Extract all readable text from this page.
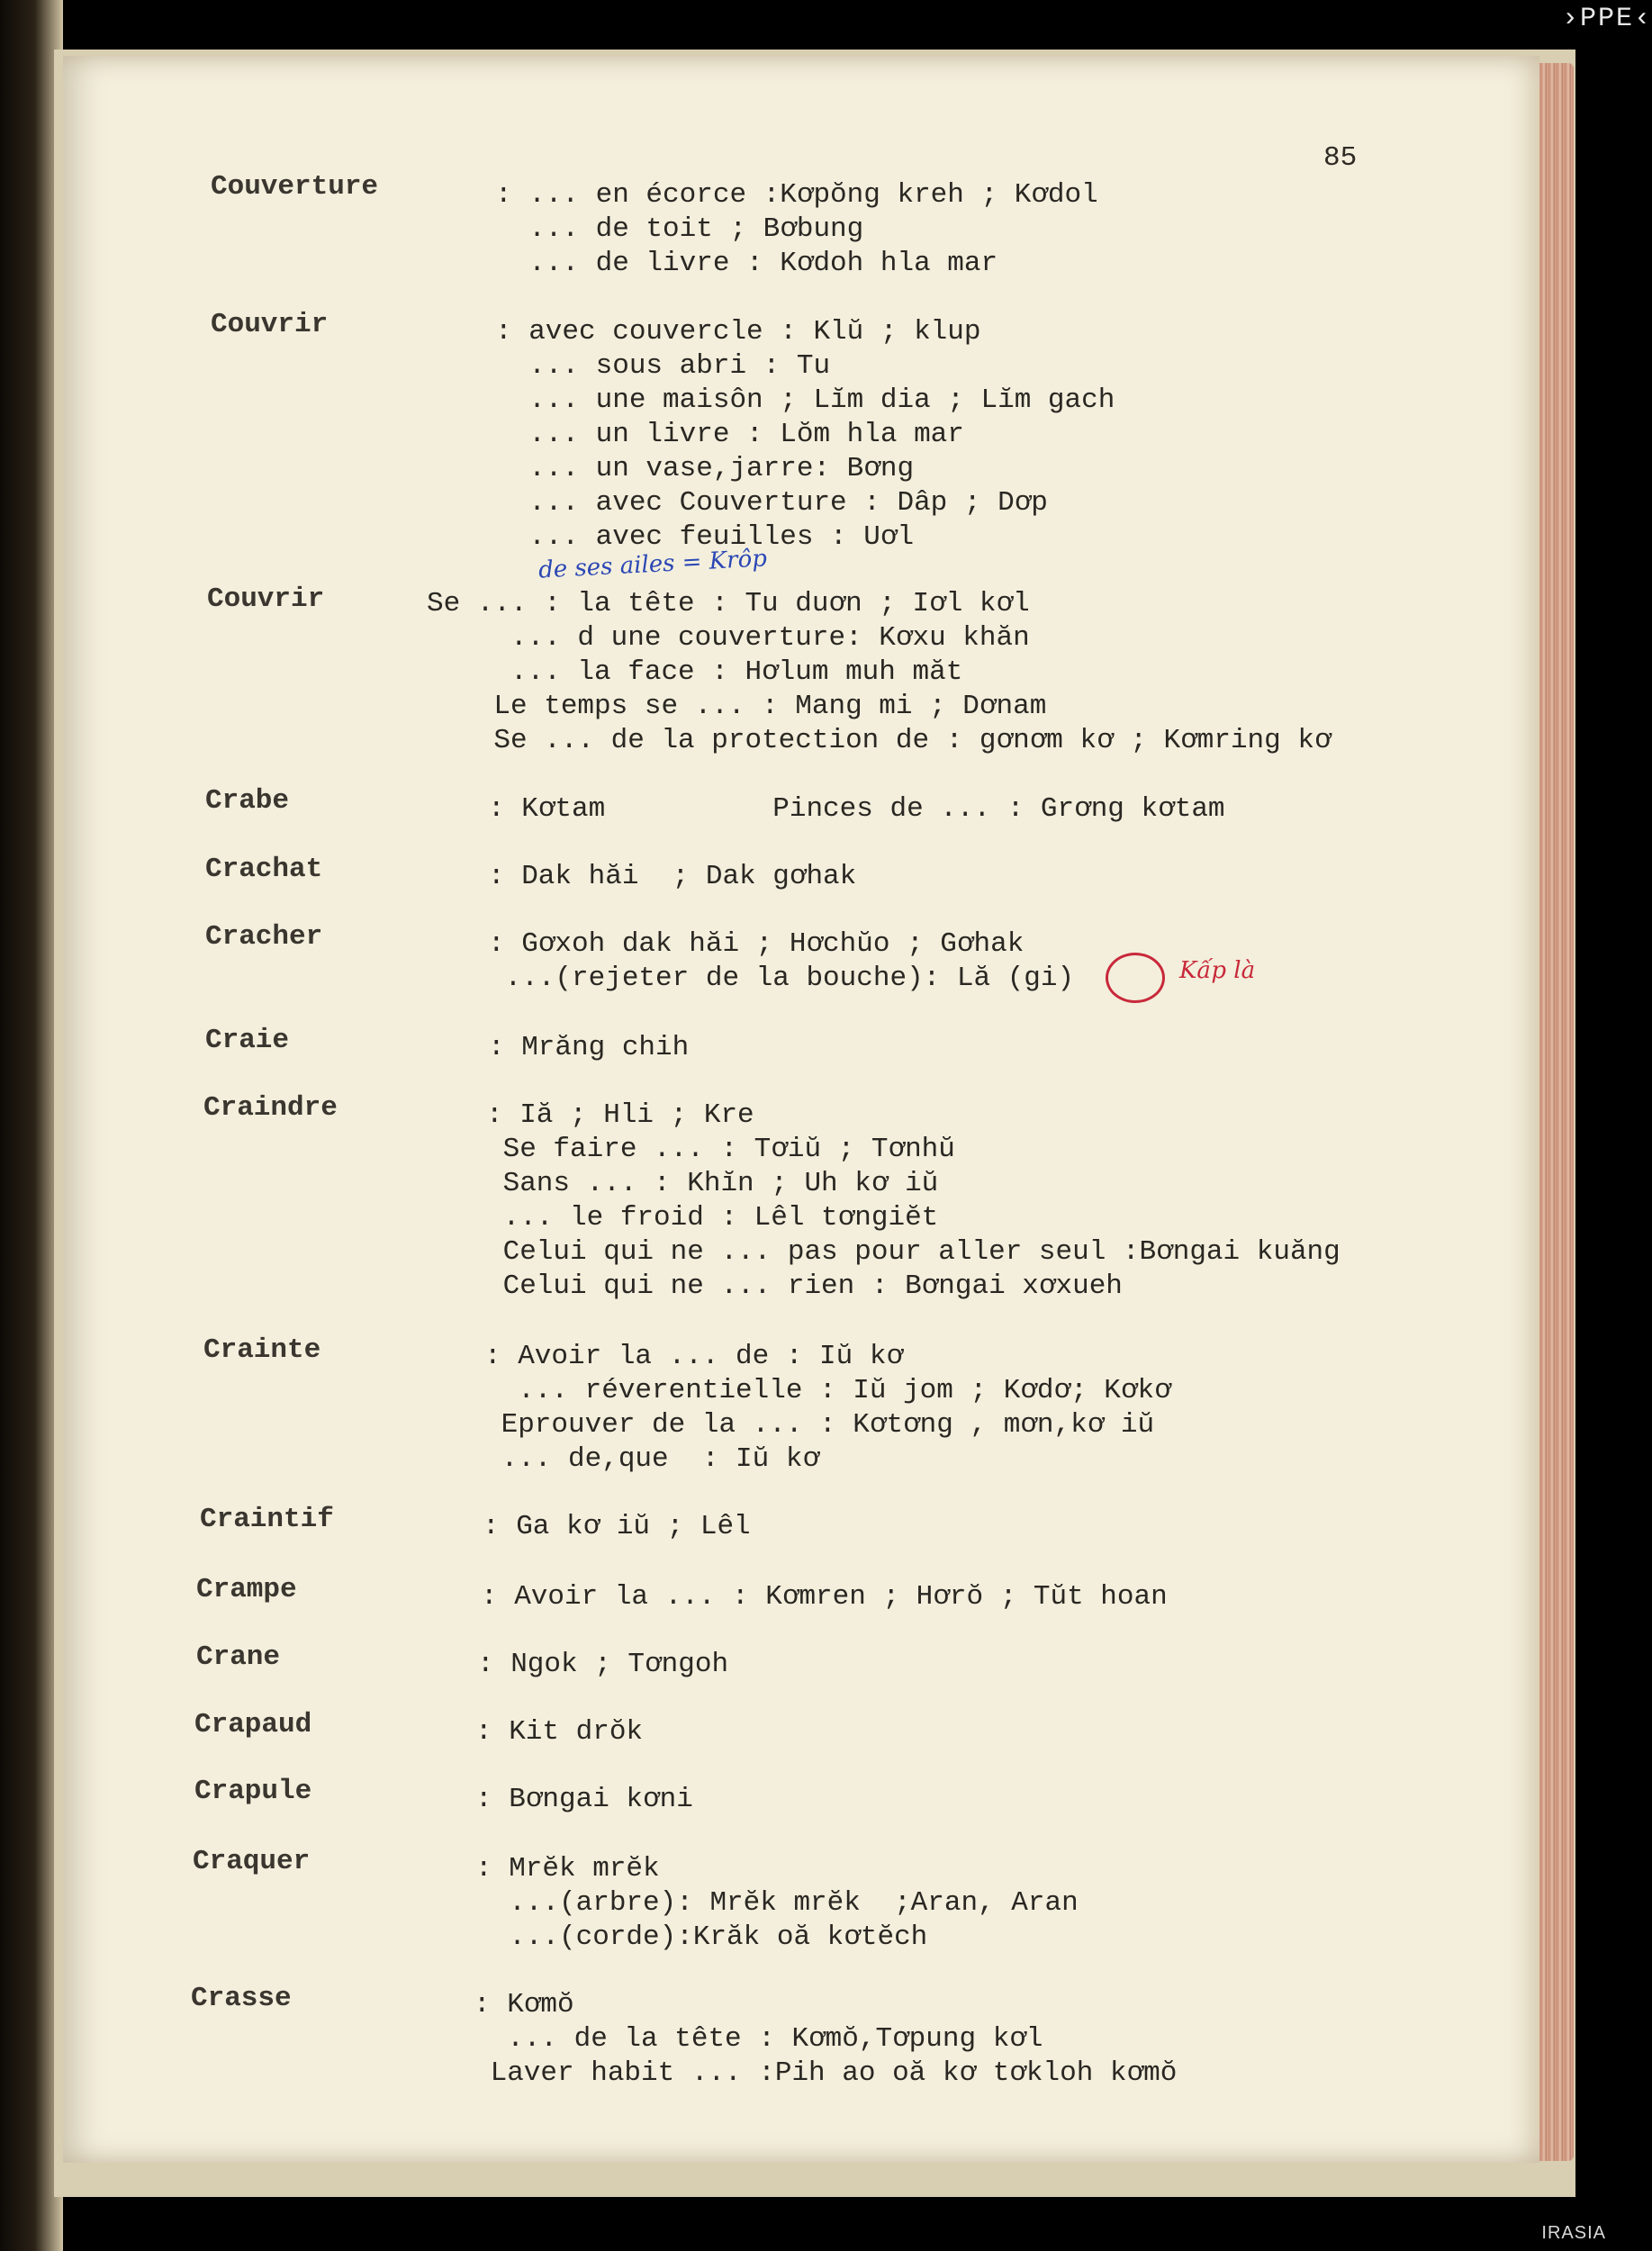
›PPE‹
85
Couverture

	: ... en écorce :Kơpŏng kreh ; Kơdol

... de toit ; Bơbung

... de livre : Kơdoh hla mar

Couvrir

	: avec couvercle : Klŭ ; klup

... sous abri : Tu

... une maisôn ; Lĭm dia ; Lĭm gach

... un livre : Lŏm hla mar

... un vase,jarre: Bơng

... avec Couverture : Dâp ; Dơp

... avec feuilles : Uơl

de ses ailes = Krôp
Couvrir

	Se ... : la tête : Tu duơn ; Iơl kơl

... d une couverture: Kơxu khăn

... la face : Hơlum muh măt

Le temps se ... : Mang mi ; Dơnam

Se ... de la protection de : gơnơm kơ ; Kơmring kơ

Crabe

	: Kơtam          Pinces de ... : Grơng kơtam

Crachat

	: Dak hăi  ; Dak gơhak

Cracher

	: Gơxoh dak hăi ; Hơchŭo ; Gơhak

...(rejeter de la bouche): Lă (gi)	Kấp là
Craie

	: Mrăng chih

Craindre

	: Iă ; Hli ; Kre

Se faire ... : Tơiŭ ; Tơnhŭ

Sans ... : Khĭn ; Uh kơ iŭ

... le froid : Lêl tơngiĕt

Celui qui ne ... pas pour aller seul :Bơngai kuăng

Celui qui ne ... rien : Bơngai xơxueh

Crainte

	: Avoir la ... de : Iŭ kơ

... réverentielle : Iŭ jom ; Kơdơ; Kơkơ

Eprouver de la ... : Kơtơng , mơn,kơ iŭ

... de,que  : Iŭ kơ

Craintif

	: Ga kơ iŭ ; Lêl

Crampe

	: Avoir la ... : Kơmren ; Hơrŏ ; Tŭt hoan

Crane

	: Ngok ; Tơngoh

Crapaud

	: Kit drŏk

Crapule

	: Bơngai kơni

Craquer

	: Mrĕk mrĕk

...(arbre): Mrĕk mrĕk  ;Aran, Aran

...(corde):Krăk oă kơtĕch

Crasse

	: Kơmŏ

... de la tête : Kơmŏ,Tơpung kơl

Laver habit ... :Pih ao oă kơ tơkloh kơmŏ

IRASIA
